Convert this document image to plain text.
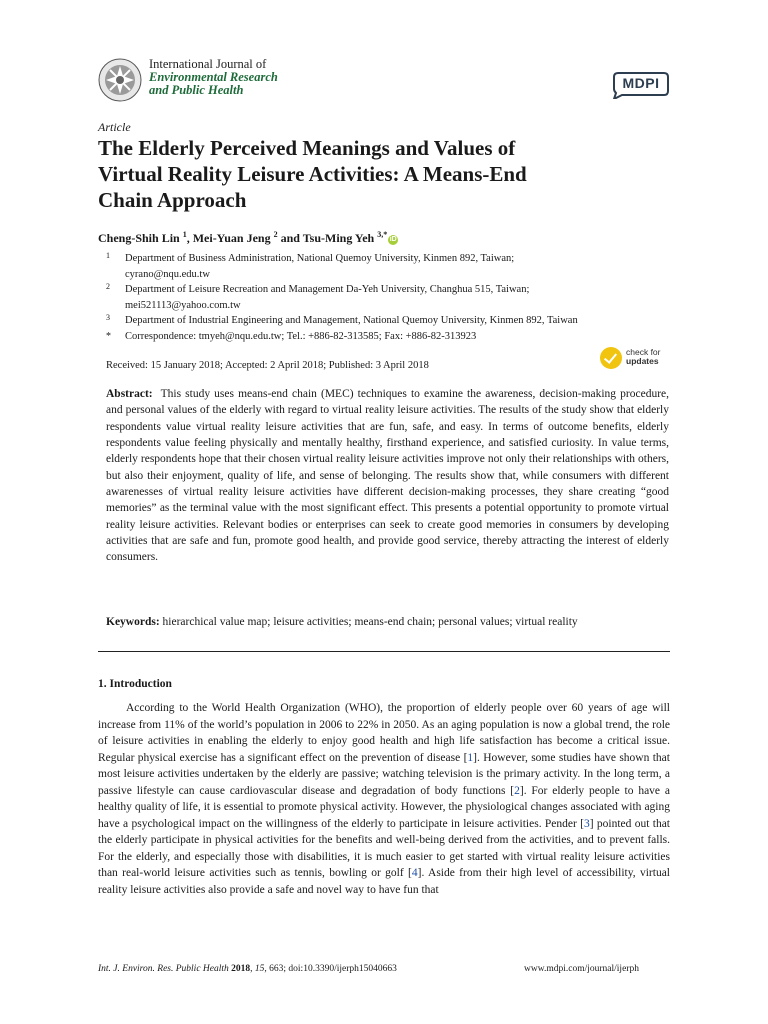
International Journal of
Environmental Research
and Public Health	MDPI
Article
The Elderly Perceived Meanings and Values of
Virtual Reality Leisure Activities: A Means-End
Chain Approach
Cheng-Shih Lin $^1$, Mei-Yuan Jeng $^2$ and Tsu-Ming Yeh $^{3,*}$iD
1 Department of Business Administration, National Quemoy University, Kinmen 892, Taiwan;
cyrano@nqu.edu.tw
2 Department of Leisure Recreation and Management Da-Yeh University, Changhua 515, Taiwan;
mei521113@yahoo.com.tw
3 Department of Industrial Engineering and Management, National Quemoy University, Kinmen 892, Taiwan
* Correspondence: tmyeh@nqu.edu.tw; Tel.: +886-82-313585; Fax: +886-82-313923
Received: 15 January 2018; Accepted: 2 April 2018; Published: 3 April 2018
check for
updates
Abstract: This study uses means-end chain (MEC) techniques to examine the awareness, decision-making procedure, and personal values of the elderly with regard to virtual reality leisure activities. The results of the study show that elderly respondents value virtual reality leisure activities that are fun, safe, and easy. In terms of outcome benefits, elderly respondents value feeling physically and mentally healthy, firsthand experience, and satisfied curiosity. In value terms, elderly respondents hope that their chosen virtual reality leisure activities improve not only their relationships with others, but also their enjoyment, quality of life, and sense of belonging. The results show that, while consumers with different awarenesses of virtual reality leisure activities have different decision-making processes, they share creating “good memories” as the terminal value with the most significant effect. This presents a potential opportunity to promote virtual reality leisure activities. Relevant bodies or enterprises can seek to create good memories in consumers by developing activities that are safe and fun, promote good health, and provide good service, thereby attracting the interest of elderly consumers.
Keywords: hierarchical value map; leisure activities; means-end chain; personal values; virtual reality
1. Introduction

According to the World Health Organization (WHO), the proportion of elderly people over 60 years of age will increase from 11% of the world’s population in 2006 to 22% in 2050. As an aging population is now a global trend, the role of leisure activities in enabling the elderly to enjoy good health and high life satisfaction has become a critical issue. Regular physical exercise has a significant effect on the prevention of disease [1]. However, some studies have shown that most leisure activities undertaken by the elderly are passive; watching television is the primary activity. In the long term, a passive lifestyle can cause cardiovascular disease and degradation of body functions [2]. For elderly people to have a healthy quality of life, it is essential to promote physical activity. However, the physiological changes associated with aging have a psychological impact on the willingness of the elderly to participate in leisure activities. Pender [3] pointed out that the elderly participate in physical activities for the benefits and well-being derived from the activities, and to prevent falls. For the elderly, and especially those with disabilities, it is much easier to get started with virtual reality leisure activities than real-world leisure activities such as tennis, bowling or golf [4]. Aside from their high level of accessibility, virtual reality leisure activities also provide a safe and novel way to have fun that

Int. J. Environ. Res. Public Health 2018, 15, 663; doi:10.3390/ijerph15040663	www.mdpi.com/journal/ijerph
